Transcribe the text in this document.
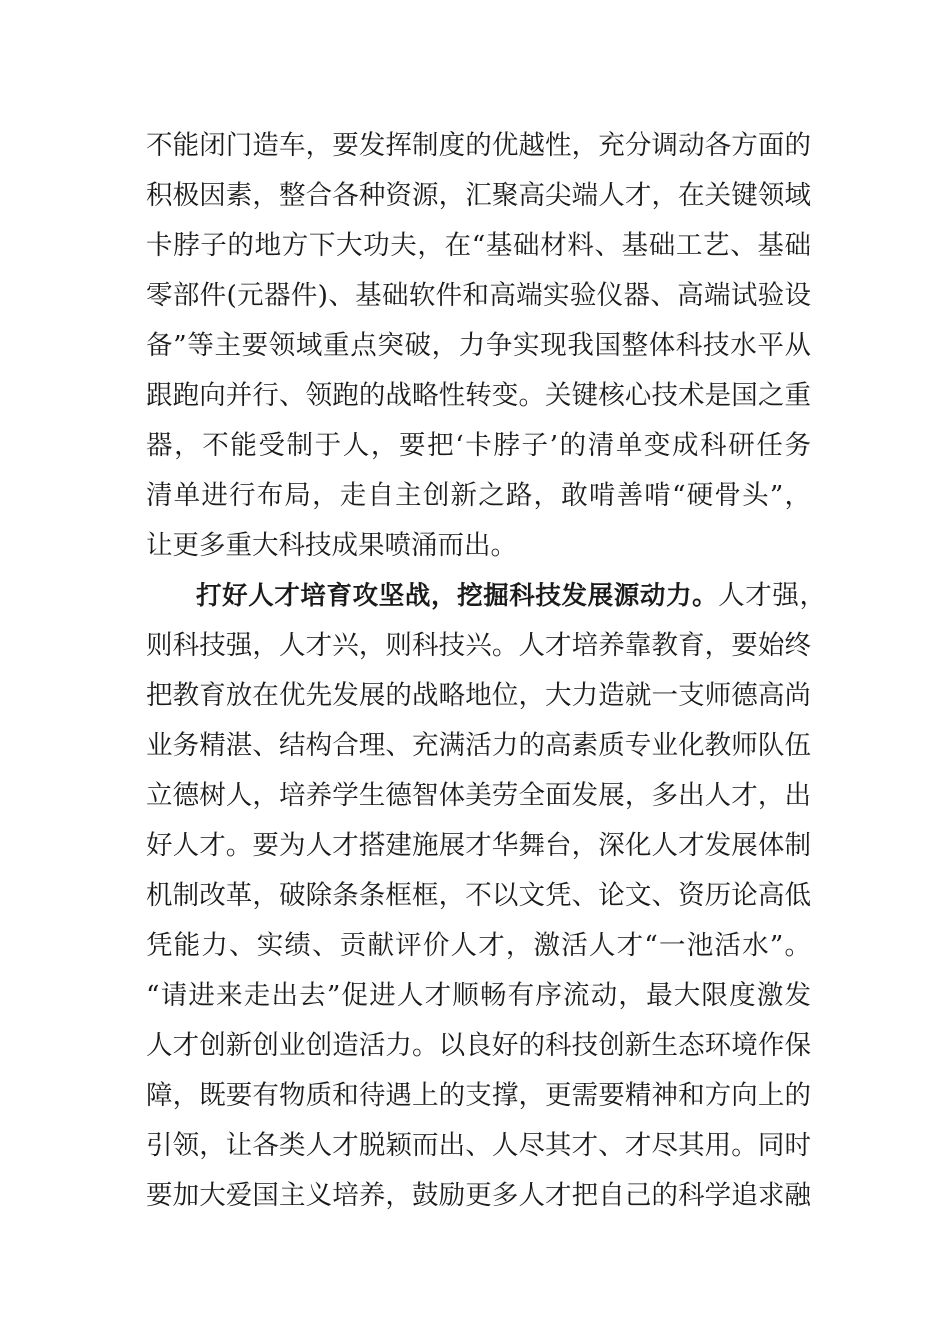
不能闭门造车，要发挥制度的优越性，充分调动各方面的
积极因素，整合各种资源，汇聚高尖端人才，在关键领域
卡脖子的地方下大功夫，在“基础材料、基础工艺、基础
零部件(元器件)、基础软件和高端实验仪器、高端试验设
备”等主要领域重点突破，力争实现我国整体科技水平从
跟跑向并行、领跑的战略性转变。关键核心技术是国之重
器，不能受制于人，要把‘卡脖子’的清单变成科研任务
清单进行布局，走自主创新之路，敢啃善啃“硬骨头”，
让更多重大科技成果喷涌而出。
打好人才培育攻坚战，挖掘科技发展源动力。人才强，
则科技强，人才兴，则科技兴。人才培养靠教育，要始终
把教育放在优先发展的战略地位，大力造就一支师德高尚
业务精湛、结构合理、充满活力的高素质专业化教师队伍
立德树人，培养学生德智体美劳全面发展，多出人才，出
好人才。要为人才搭建施展才华舞台，深化人才发展体制
机制改革，破除条条框框，不以文凭、论文、资历论高低
凭能力、实绩、贡献评价人才，激活人才“一池活水”。
“请进来走出去”促进人才顺畅有序流动，最大限度激发
人才创新创业创造活力。以良好的科技创新生态环境作保
障，既要有物质和待遇上的支撑，更需要精神和方向上的
引领，让各类人才脱颖而出、人尽其才、才尽其用。同时
要加大爱国主义培养，鼓励更多人才把自己的科学追求融
